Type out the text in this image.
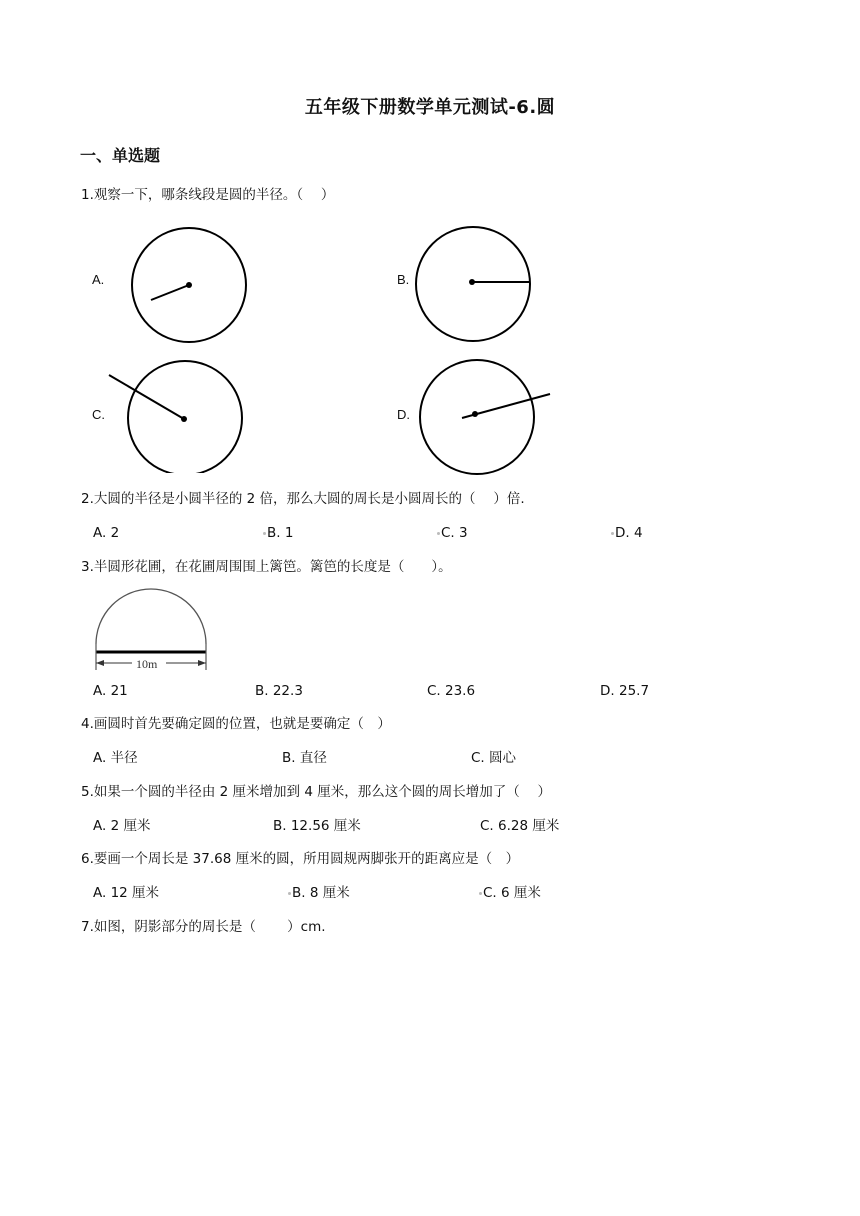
五年级下册数学单元测试-6.圆
一、单选题
1.观察一下，哪条线段是圆的半径。（　 ）
A.	B.
C.	D.
2.大圆的半径是小圆半径的 2 倍，那么大圆的周长是小圆周长的（　 ）倍.
A. 2	B. 1	C. 3	D. 4
3.半圆形花圃，在花圃周围围上篱笆。篱笆的长度是（　　）。
10m
A. 21	B. 22.3	C. 23.6	D. 25.7
4.画圆时首先要确定圆的位置，也就是要确定（　）
A. 半径	B. 直径	C. 圆心
5.如果一个圆的半径由 2 厘米增加到 4 厘米，那么这个圆的周长增加了（　 ）
A. 2 厘米	B. 12.56 厘米	C. 6.28 厘米
6.要画一个周长是 37.68 厘米的圆，所用圆规两脚张开的距离应是（　）
A. 12 厘米	B. 8 厘米	C. 6 厘米
7.如图，阴影部分的周长是（　　 ）cm.
